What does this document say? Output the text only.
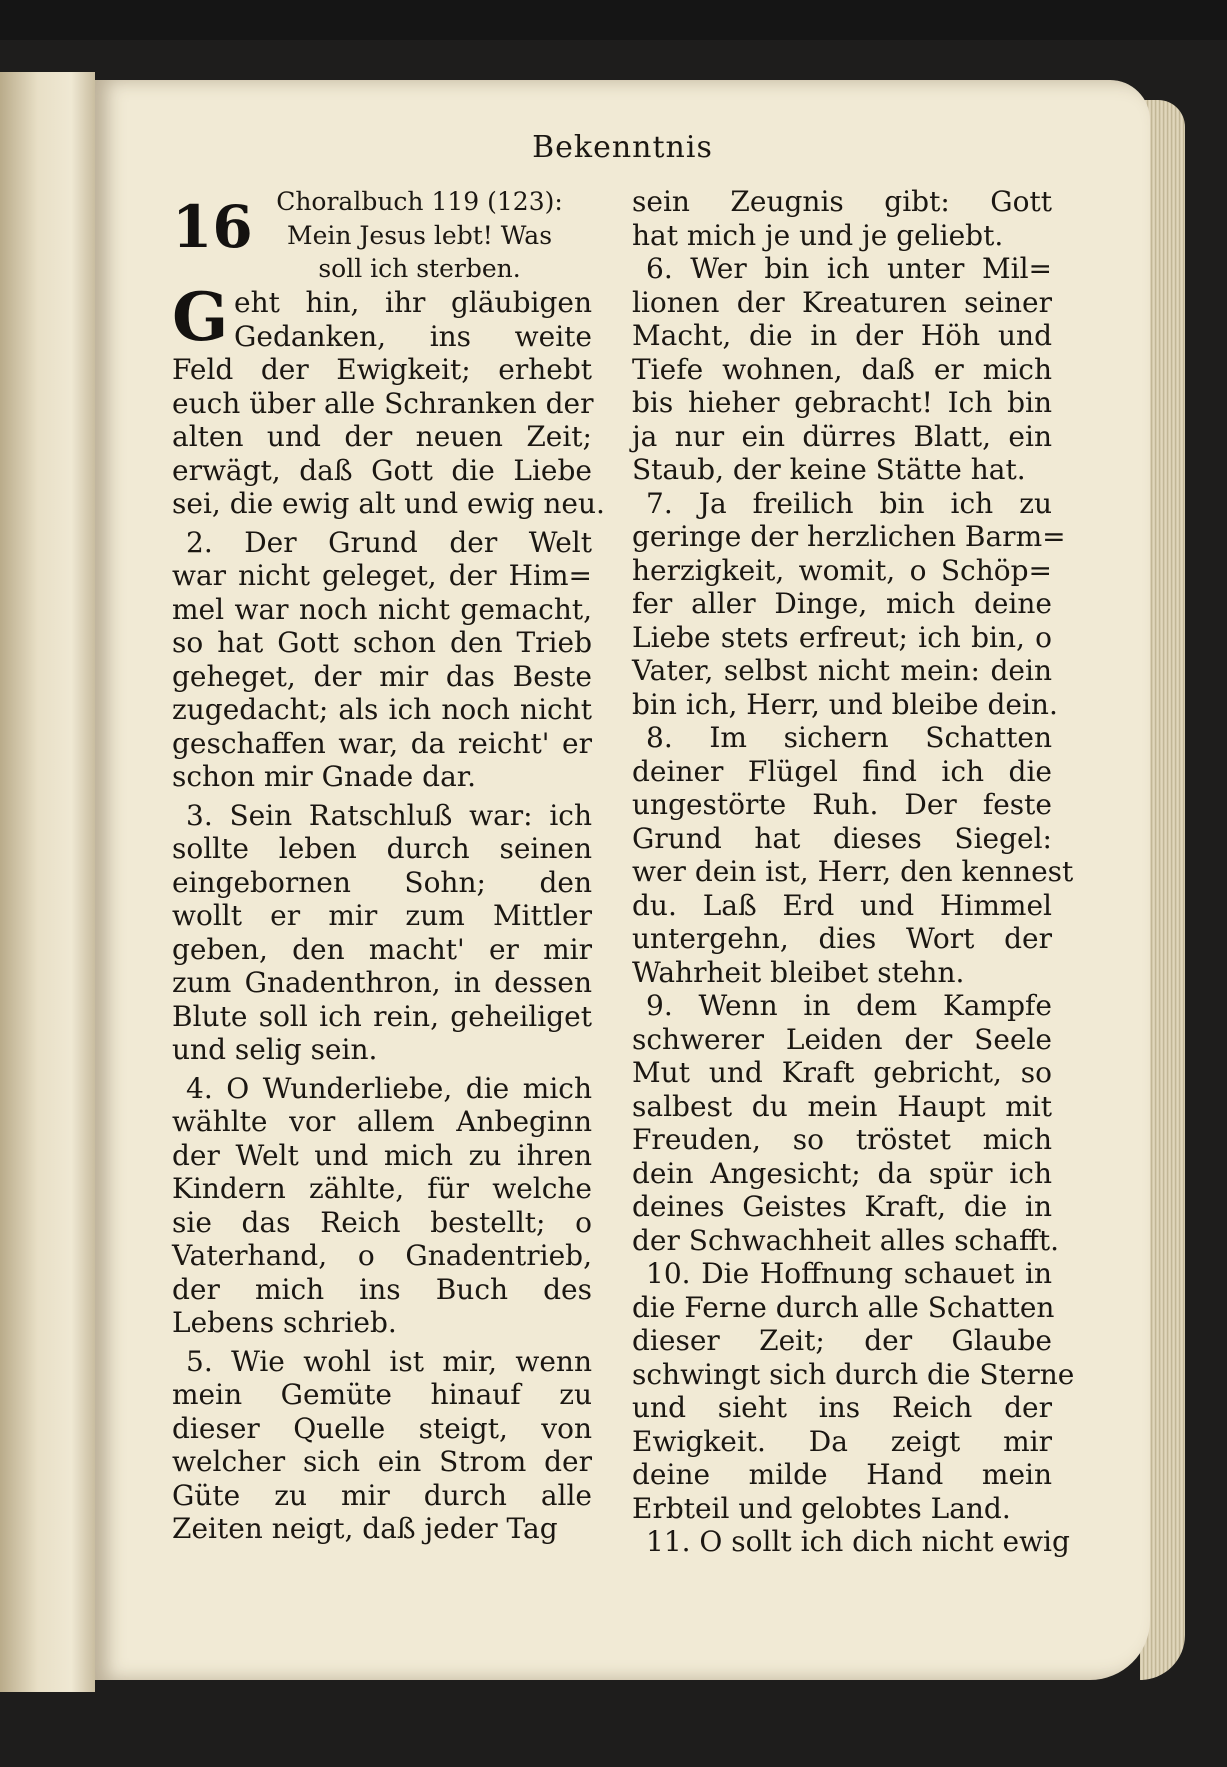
Bekenntnis
16 Choralbuch 119 (123):
Mein Jesus lebt! Was
soll ich sterben.
G eht hin, ihr gläubigen
Gedanken, ins weite
Feld der Ewigkeit; erhebt
euch über alle Schranken der
alten und der neuen Zeit;
erwägt, daß Gott die Liebe
sei, die ewig alt und ewig neu.
2. Der Grund der Welt
war nicht geleget, der Him=
mel war noch nicht gemacht,
so hat Gott schon den Trieb
geheget, der mir das Beste
zugedacht; als ich noch nicht
geschaffen war, da reicht' er
schon mir Gnade dar.
3. Sein Ratschluß war: ich
sollte leben durch seinen
eingebornen Sohn; den
wollt er mir zum Mittler
geben, den macht' er mir
zum Gnadenthron, in dessen
Blute soll ich rein, geheiliget
und selig sein.
4. O Wunderliebe, die mich
wählte vor allem Anbeginn
der Welt und mich zu ihren
Kindern zählte, für welche
sie das Reich bestellt; o
Vaterhand, o Gnadentrieb,
der mich ins Buch des
Lebens schrieb.
5. Wie wohl ist mir, wenn
mein Gemüte hinauf zu
dieser Quelle steigt, von
welcher sich ein Strom der
Güte zu mir durch alle
Zeiten neigt, daß jeder Tag
sein Zeugnis gibt: Gott
hat mich je und je geliebt.
6. Wer bin ich unter Mil=
lionen der Kreaturen seiner
Macht, die in der Höh und
Tiefe wohnen, daß er mich
bis hieher gebracht! Ich bin
ja nur ein dürres Blatt, ein
Staub, der keine Stätte hat.
7. Ja freilich bin ich zu
geringe der herzlichen Barm=
herzigkeit, womit, o Schöp=
fer aller Dinge, mich deine
Liebe stets erfreut; ich bin, o
Vater, selbst nicht mein: dein
bin ich, Herr, und bleibe dein.
8. Im sichern Schatten
deiner Flügel find ich die
ungestörte Ruh. Der feste
Grund hat dieses Siegel:
wer dein ist, Herr, den kennest
du. Laß Erd und Himmel
untergehn, dies Wort der
Wahrheit bleibet stehn.
9. Wenn in dem Kampfe
schwerer Leiden der Seele
Mut und Kraft gebricht, so
salbest du mein Haupt mit
Freuden, so tröstet mich
dein Angesicht; da spür ich
deines Geistes Kraft, die in
der Schwachheit alles schafft.
10. Die Hoffnung schauet in
die Ferne durch alle Schatten
dieser Zeit; der Glaube
schwingt sich durch die Sterne
und sieht ins Reich der
Ewigkeit. Da zeigt mir
deine milde Hand mein
Erbteil und gelobtes Land.
11. O sollt ich dich nicht ewig
